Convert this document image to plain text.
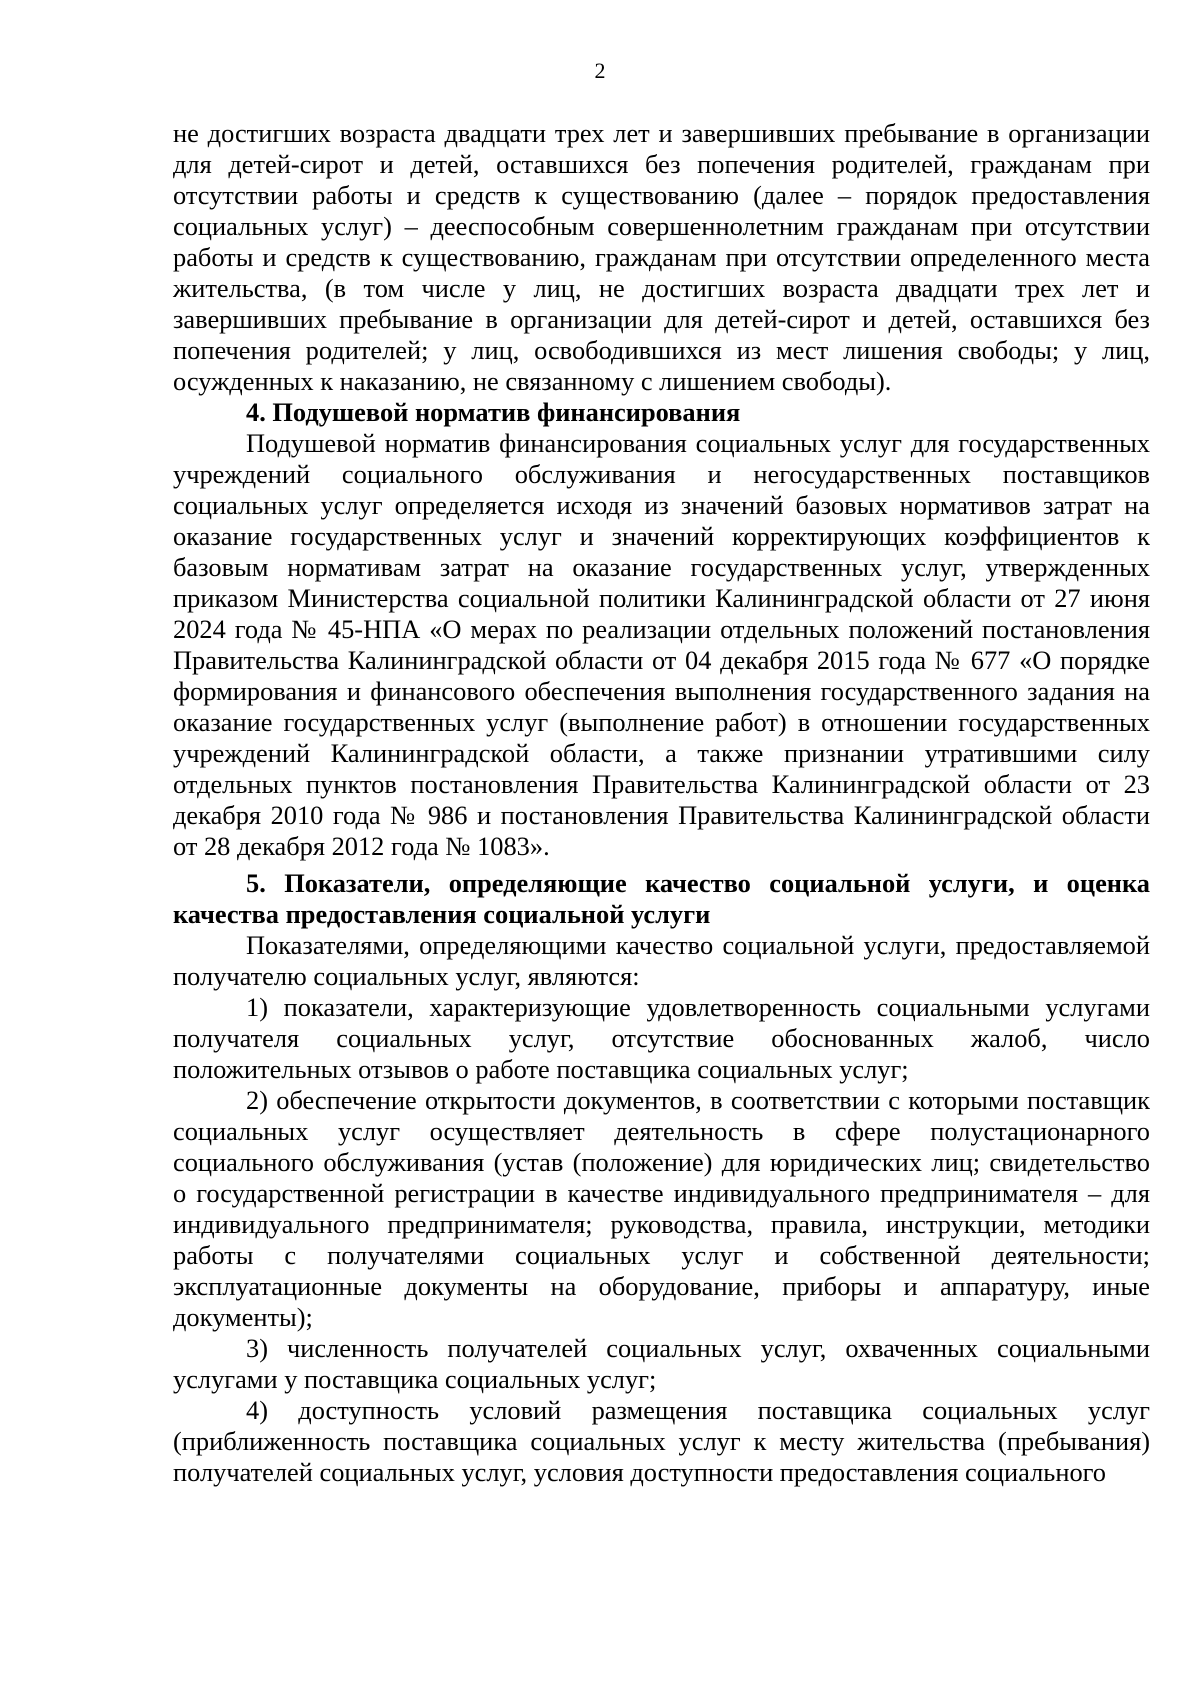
2

не достигших возраста двадцати трех лет и завершивших пребывание в организации для детей-сирот и детей, оставшихся без попечения родителей, гражданам при отсутствии работы и средств к существованию (далее – порядок предоставления социальных услуг) – дееспособным совершеннолетним гражданам при отсутствии работы и средств к существованию, гражданам при отсутствии определенного места жительства, (в том числе у лиц, не достигших возраста двадцати трех лет и завершивших пребывание в организации для детей-сирот и детей, оставшихся без попечения родителей; у лиц, освободившихся из мест лишения свободы; у лиц, осужденных к наказанию, не связанному с лишением свободы).

4. Подушевой норматив финансирования

Подушевой норматив финансирования социальных услуг для государственных учреждений социального обслуживания и негосударственных поставщиков социальных услуг определяется исходя из значений базовых нормативов затрат на оказание государственных услуг и значений корректирующих коэффициентов к базовым нормативам затрат на оказание государственных услуг, утвержденных приказом Министерства социальной политики Калининградской области от 27 июня 2024 года № 45-НПА «О мерах по реализации отдельных положений постановления Правительства Калининградской области от 04 декабря 2015 года № 677 «О порядке формирования и финансового обеспечения выполнения государственного задания на оказание государственных услуг (выполнение работ) в отношении государственных учреждений Калининградской области, а также признании утратившими силу отдельных пунктов постановления Правительства Калининградской области от 23 декабря 2010 года № 986 и постановления Правительства Калининградской области от 28 декабря 2012 года № 1083».

5. Показатели, определяющие качество социальной услуги, и оценка качества предоставления социальной услуги

Показателями, определяющими качество социальной услуги, предоставляемой получателю социальных услуг, являются:

1) показатели, характеризующие удовлетворенность социальными услугами получателя социальных услуг, отсутствие обоснованных жалоб, число положительных отзывов о работе поставщика социальных услуг;

2) обеспечение открытости документов, в соответствии с которыми поставщик социальных услуг осуществляет деятельность в сфере полустационарного социального обслуживания (устав (положение) для юридических лиц; свидетельство о государственной регистрации в качестве индивидуального предпринимателя – для индивидуального предпринимателя; руководства, правила, инструкции, методики работы с получателями социальных услуг и собственной деятельности; эксплуатационные документы на оборудование, приборы и аппаратуру, иные документы);

3) численность получателей социальных услуг, охваченных социальными услугами у поставщика социальных услуг;

4) доступность условий размещения поставщика социальных услуг (приближенность поставщика социальных услуг к месту жительства (пребывания) получателей социальных услуг, условия доступности предоставления социального
